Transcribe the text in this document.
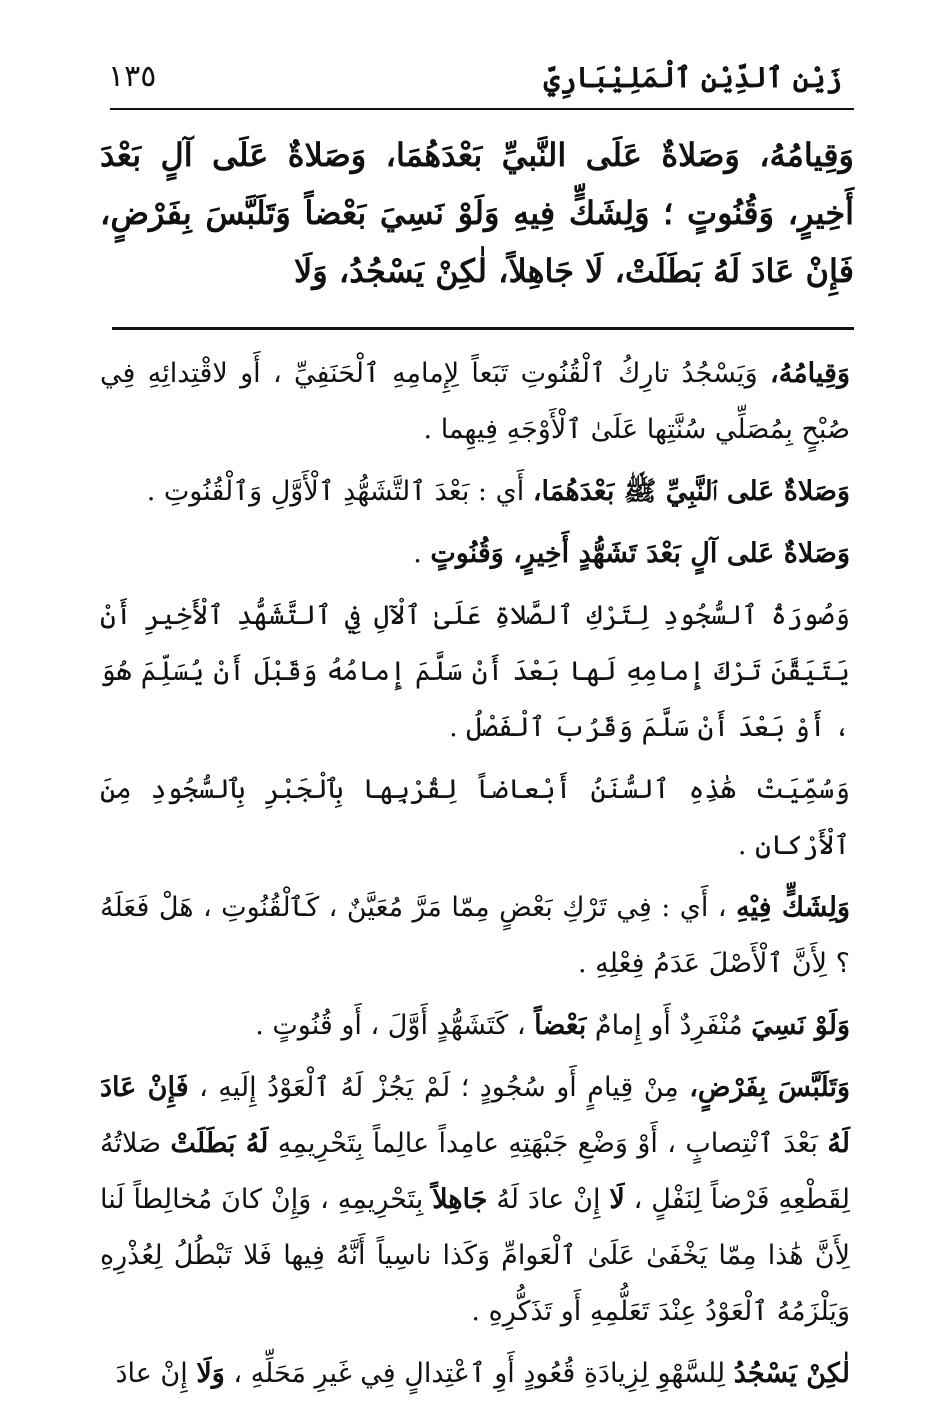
زَيْن ٱلدِّيْنِ ٱلْمَلِيْبَارِيّ
١٣٥

وَقِيامُهُ، وَصَلاةٌ عَلَى النَّبيِّ بَعْدَهُمَا، وَصَلاةٌ عَلَى آلٍ بَعْدَ أَخِيرٍ، وَقُنُوتٍ ؛ وَلِشَكٍّ فِيهِ وَلَوْ نَسِيَ بَعْضاً وَتَلَبَّسَ بِفَرْضٍ، فَإِنْ عَادَ لَهُ بَطَلَتْ، لَا جَاهِلاً، لٰكِنْ يَسْجُدُ، وَلَا

وَقِيامُهُ، وَيَسْجُدُ تارِكُ ٱلْقُنُوتِ تَبَعاً لِإِمامِهِ ٱلْحَنَفِيِّ ، أَو لاقْتِدائِهِ فِي صُبْحٍ بِمُصَلِّي سُنَّتِها عَلَىٰ ٱلْأَوْجَهِ فِيهِما .

وَصَلاةٌ عَلى ٱلنَّبِيِّ ﷺ بَعْدَهُمَا، أَي : بَعْدَ ٱلتَّشَهُّدِ ٱلْأَوَّلِ وَٱلْقُنُوتِ .

وَصَلاةٌ عَلى آلٍ بَعْدَ تَشَهُّدٍ أَخِيرٍ، وَقُنُوتٍ .

وَصُورَةُ ٱلسُّجُودِ لِتَرْكِ ٱلصَّلاةِ عَلَىٰ ٱلْآلِ فِي ٱلتَّشَهُّدِ ٱلْأَخِيرِ أَنْ يَتَيَقَّنَ تَرْكَ إِمامِهِ لَها بَعْدَ أَنْ سَلَّمَ إِمامُهُ وَقَبْلَ أَنْ يُسَلِّمَ هُوَ ، أَوْ بَعْدَ أَنْ سَلَّمَ وَقَرُبَ ٱلْفَصْلُ .

وَسُمِّيَتْ هَٰذِهِ ٱلسُّنَنُ أَبْعاضاً لِقُرْبِها بِٱلْجَبْرِ بِٱلسُّجُودِ مِنَ ٱلْأَرْكانِ .

وَلِشَكٍّ فِيْهِ ، أَي : فِي تَرْكِ بَعْضٍ مِمّا مَرَّ مُعَيَّنٌ ، كَٱلْقُنُوتِ ، هَلْ فَعَلَهُ ؟ لِأَنَّ ٱلْأَصْلَ عَدَمُ فِعْلِهِ .

وَلَوْ نَسِيَ مُنْفَرِدٌ أَو إِمامٌ بَعْضاً ، كَتَشَهُّدٍ أَوَّلَ ، أَو قُنُوتٍ .

وَتَلَبَّسَ بِفَرْضٍ، مِنْ قِيامٍ أَو سُجُودٍ ؛ لَمْ يَجُزْ لَهُ ٱلْعَوْدُ إِلَيهِ ، فَإِنْ عَادَ لَهُ بَعْدَ ٱنْتِصابٍ ، أَوْ وَضْعِ جَبْهَتِهِ عامِداً عالِماً بِتَحْرِيمِهِ لَهُ بَطَلَتْ صَلاتُهُ لِقَطْعِهِ فَرْضاً لِنَفْلٍ ، لَا إِنْ عادَ لَهُ جَاهِلاً بِتَحْرِيمِهِ ، وَإِنْ كانَ مُخالِطاً لَنا لِأَنَّ هَٰذا مِمّا يَخْفَىٰ عَلَىٰ ٱلْعَوامِّ وَكَذا ناسِياً أَنَّهُ فِيها فَلا تَبْطُلُ لِعُذْرِهِ وَيَلْزَمُهُ ٱلْعَوْدُ عِنْدَ تَعَلُّمِهِ أَو تَذَكُّرِهِ .

لٰكِنْ يَسْجُدُ لِلسَّهْوِ لِزِيادَةِ قُعُودٍ أَوِ ٱعْتِدالٍ فِي غَيرِ مَحَلِّهِ ، وَلَا إِنْ عادَ
